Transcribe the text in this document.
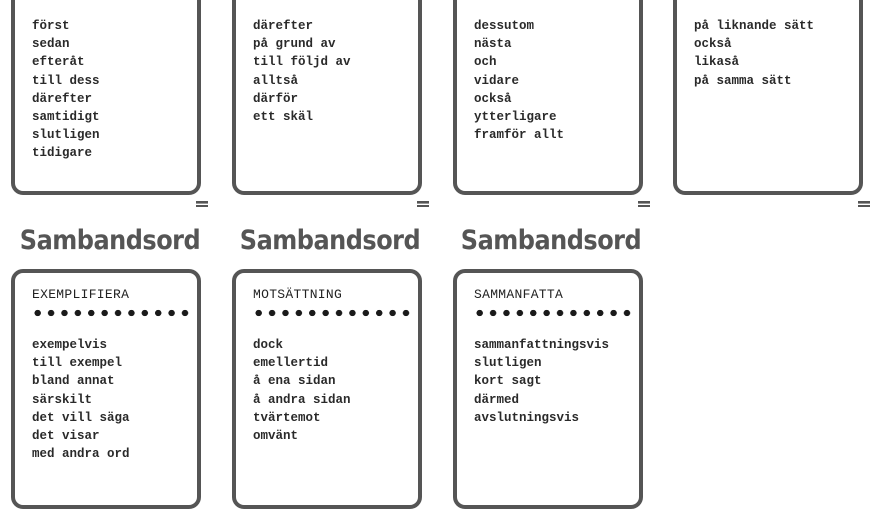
först
sedan
efteråt
till dess
därefter
samtidigt
slutligen
tidigare
därefter
på grund av
till följd av
alltså
därför
ett skäl
dessutom
nästa
och
vidare
också
ytterligare
framför allt
på liknande sätt
också
likaså
på samma sätt
Sambandsord Sambandsord Sambandsord
EXEMPLIFIERA
exempelvis
till exempel
bland annat
särskilt
det vill säga
det visar
med andra ord
MOTSÄTTNING
dock
emellertid
å ena sidan
å andra sidan
tvärtemot
omvänt
SAMMANFATTA
sammanfattningsvis
slutligen
kort sagt
därmed
avslutningsvis
